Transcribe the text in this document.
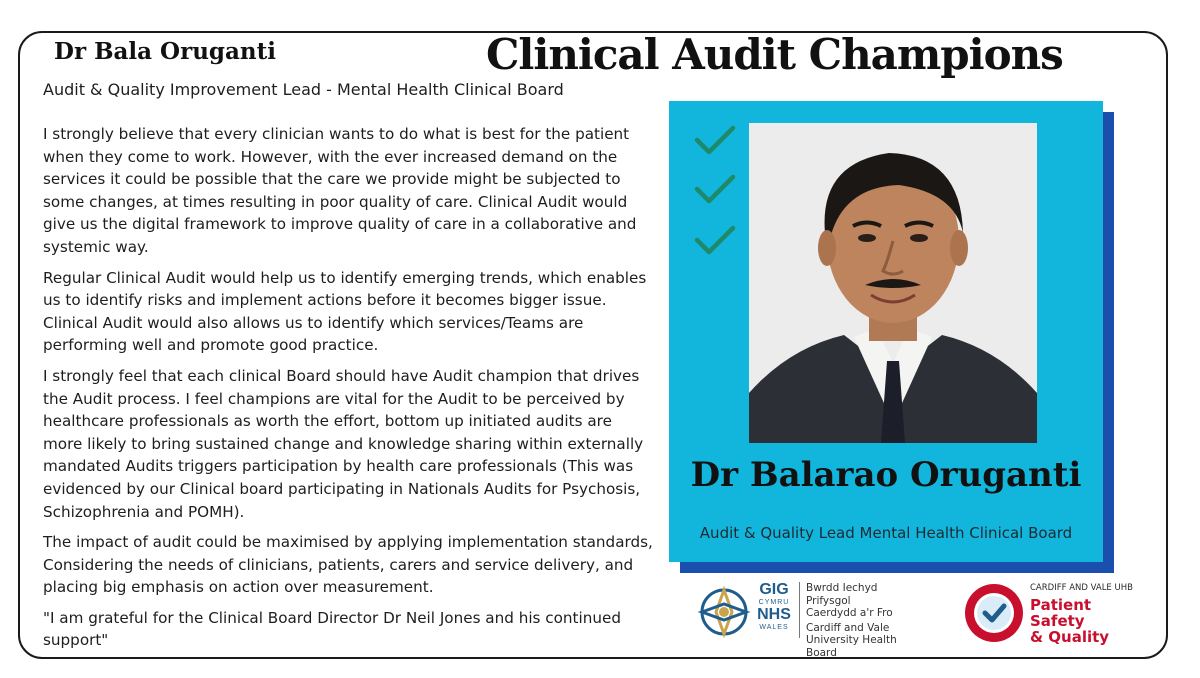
Dr Bala Oruganti
Audit & Quality Improvement Lead - Mental Health Clinical Board
Clinical Audit Champions

I strongly believe that every clinician wants to do what is best for the patient when they come to work. However, with the ever increased demand on the services it could be possible that the care we provide might be subjected to some changes, at times resulting in poor quality of care. Clinical Audit would give us the digital framework to improve quality of care in a collaborative and systemic way.

Regular Clinical Audit would help us to identify emerging trends, which enables us to identify risks and implement actions before it becomes bigger issue. Clinical Audit would also allows us to identify which services/Teams are performing well and promote good practice.

I strongly feel that each clinical Board should have Audit champion that drives the Audit process. I feel champions are vital for the Audit to be perceived by healthcare professionals as worth the effort, bottom up initiated audits are more likely to bring sustained change and knowledge sharing within externally mandated Audits triggers participation by health care professionals (This was evidenced by our Clinical board participating in Nationals Audits for Psychosis, Schizophrenia and POMH).

The impact of audit could be maximised by applying implementation standards, Considering the needs of clinicians, patients, carers and service delivery, and placing big emphasis on action over measurement.

"I am grateful for the Clinical Board Director Dr Neil Jones and his continued support"

Dr Balarao Oruganti
Audit & Quality Lead Mental Health Clinical Board
GIG
CYMRU
NHS
WALES
Bwrdd Iechyd Prifysgol
Caerdydd a'r Fro
Cardiff and Vale
University Health Board
CARDIFF AND VALE UHB
Patient Safety
& Quality
